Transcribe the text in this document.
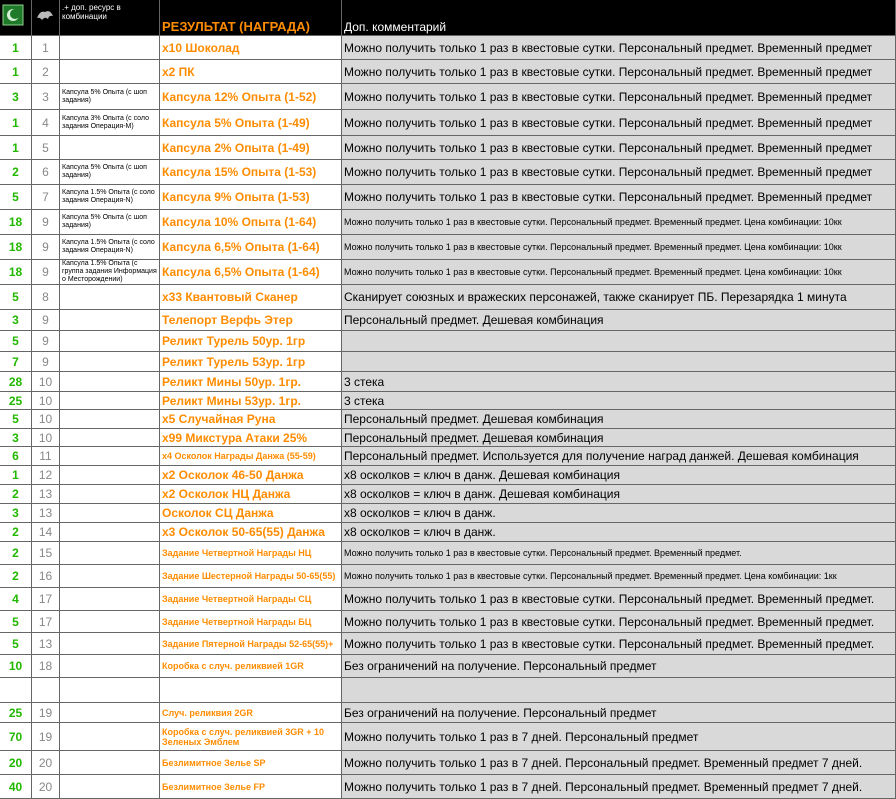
		.+ доп. ресурс в комбинации	РЕЗУЛЬТАТ (НАГРАДА)	Доп. комментарий
1	1		x10 Шоколад	Можно получить только 1 раз в квестовые сутки. Персональный предмет. Временный предмет
1	2		x2 ПК	Можно получить только 1 раз в квестовые сутки. Персональный предмет. Временный предмет
3	3	Капсула 5% Опыта (с шоп задания)	Капсула 12% Опыта (1-52)	Можно получить только 1 раз в квестовые сутки. Персональный предмет. Временный предмет
1	4	Капсула 3% Опыта (с соло задания Операция-М)	Капсула 5% Опыта (1-49)	Можно получить только 1 раз в квестовые сутки. Персональный предмет. Временный предмет
1	5		Капсула 2% Опыта (1-49)	Можно получить только 1 раз в квестовые сутки. Персональный предмет. Временный предмет
2	6	Капсула 5% Опыта (с шоп задания)	Капсула 15% Опыта (1-53)	Можно получить только 1 раз в квестовые сутки. Персональный предмет. Временный предмет
5	7	Капсула 1.5% Опыта (с соло задания Операция-N)	Капсула 9% Опыта (1-53)	Можно получить только 1 раз в квестовые сутки. Персональный предмет. Временный предмет
18	9	Капсула 5% Опыта (с шоп задания)	Капсула 10% Опыта (1-64)	Можно получить только 1 раз в квестовые сутки. Персональный предмет. Временный предмет. Цена комбинации: 10кк
18	9	Капсула 1.5% Опыта (с соло задания Операция-N)	Капсула 6,5% Опыта (1-64)	Можно получить только 1 раз в квестовые сутки. Персональный предмет. Временный предмет. Цена комбинации: 10кк
18	9	Капсула 1.5% Опыта (с группа задания Информация о Месторождении)	Капсула 6,5% Опыта (1-64)	Можно получить только 1 раз в квестовые сутки. Персональный предмет. Временный предмет. Цена комбинации: 10кк
5	8		x33 Квантовый Сканер	Сканирует союзных и вражеских персонажей, также сканирует ПБ. Перезарядка 1 минута
3	9		Телепорт Верфь Этер	Персональный предмет. Дешевая комбинация
5	9		Реликт Турель 50ур. 1гр	
7	9		Реликт Турель 53ур. 1гр	
28	10		Реликт Мины 50ур. 1гр.	3 стека
25	10		Реликт Мины 53ур. 1гр.	3 стека
5	10		x5 Случайная Руна	Персональный предмет. Дешевая комбинация
3	10		x99 Микстура Атаки 25%	Персональный предмет. Дешевая комбинация
6	11		x4 Осколок Награды Данжа (55-59)	Персональный предмет. Используется для получение наград данжей. Дешевая комбинация
1	12		x2 Осколок 46-50 Данжа	x8 осколков = ключ в данж. Дешевая комбинация
2	13		x2 Осколок НЦ Данжа	x8 осколков = ключ в данж. Дешевая комбинация
3	13		Осколок СЦ Данжа	x8 осколков = ключ в данж.
2	14		x3 Осколок 50-65(55) Данжа	x8 осколков = ключ в данж.
2	15		Задание Четвертной Награды НЦ	Можно получить только 1 раз в квестовые сутки. Персональный предмет. Временный предмет.
2	16		Задание Шестерной Награды 50-65(55)	Можно получить только 1 раз в квестовые сутки. Персональный предмет. Временный предмет. Цена комбинации: 1кк
4	17		Задание Четвертной Награды СЦ	Можно получить только 1 раз в квестовые сутки. Персональный предмет. Временный предмет.
5	17		Задание Четвертной Награды БЦ	Можно получить только 1 раз в квестовые сутки. Персональный предмет. Временный предмет.
5	13		Задание Пятерной Награды 52-65(55)+	Можно получить только 1 раз в квестовые сутки. Персональный предмет. Временный предмет.
10	18		Коробка с случ. реликвией 1GR	Без ограничений на получение. Персональный предмет

25	19		Случ. реликвия 2GR	Без ограничений на получение. Персональный предмет
70	19		Коробка с случ. реликвией 3GR + 10 Зеленых Эмблем	Можно получить только 1 раз в 7 дней. Персональный предмет
20	20		Безлимитное Зелье SP	Можно получить только 1 раз в 7 дней. Персональный предмет. Временный предмет 7 дней.
40	20		Безлимитное Зелье FP	Можно получить только 1 раз в 7 дней. Персональный предмет. Временный предмет 7 дней.
